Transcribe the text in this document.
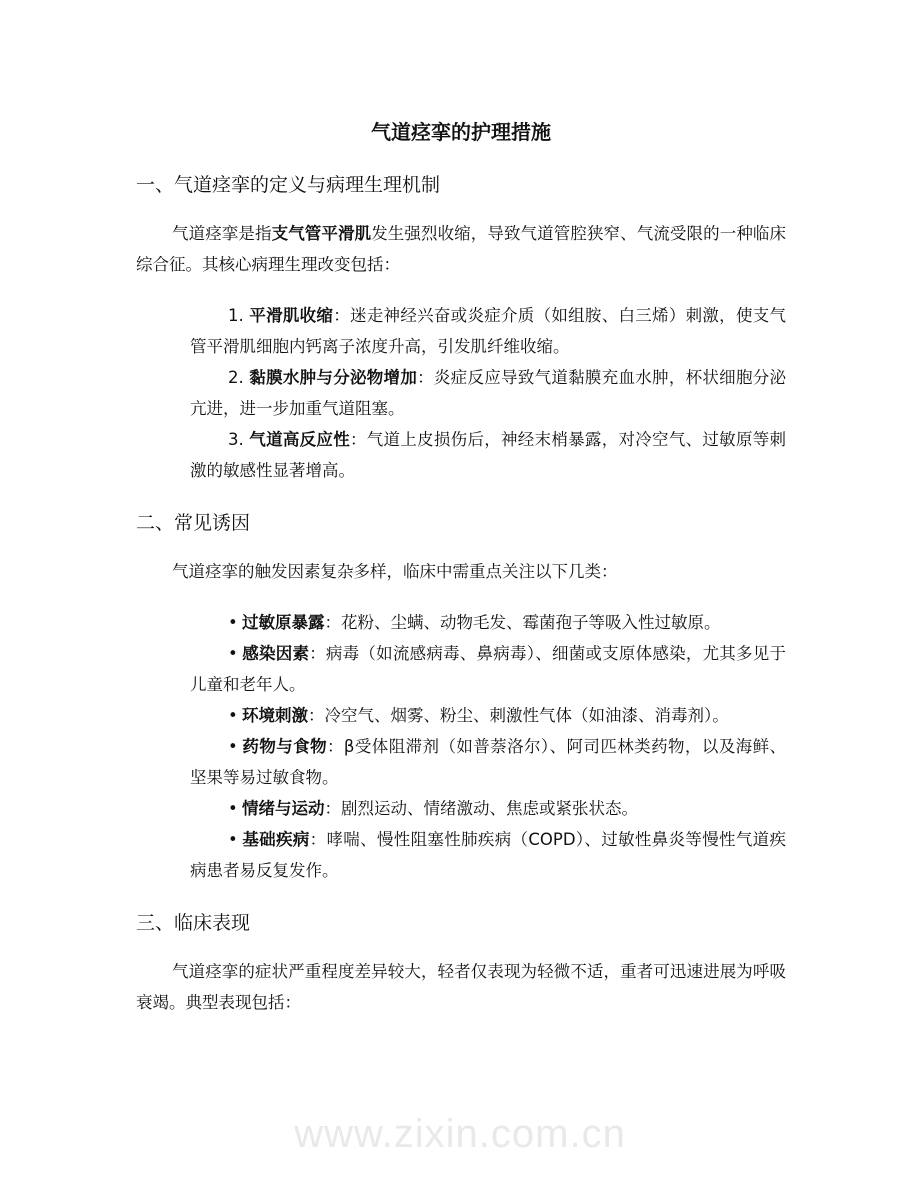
www.zixin.com.cn
气道痉挛的护理措施
一、气道痉挛的定义与病理生理机制

气道痉挛是指支气管平滑肌发生强烈收缩，导致气道管腔狭窄、气流受限的一种临床综合征。其核心病理生理改变包括：

1. 平滑肌收缩：迷走神经兴奋或炎症介质（如组胺、白三烯）刺激，使支气管平滑肌细胞内钙离子浓度升高，引发肌纤维收缩。
2. 黏膜水肿与分泌物增加：炎症反应导致气道黏膜充血水肿，杯状细胞分泌亢进，进一步加重气道阻塞。
3. 气道高反应性：气道上皮损伤后，神经末梢暴露，对冷空气、过敏原等刺激的敏感性显著增高。
二、常见诱因

气道痉挛的触发因素复杂多样，临床中需重点关注以下几类：

• 过敏原暴露：花粉、尘螨、动物毛发、霉菌孢子等吸入性过敏原。
• 感染因素：病毒（如流感病毒、鼻病毒）、细菌或支原体感染，尤其多见于儿童和老年人。
• 环境刺激：冷空气、烟雾、粉尘、刺激性气体（如油漆、消毒剂）。
• 药物与食物：β受体阻滞剂（如普萘洛尔）、阿司匹林类药物，以及海鲜、坚果等易过敏食物。
• 情绪与运动：剧烈运动、情绪激动、焦虑或紧张状态。
• 基础疾病：哮喘、慢性阻塞性肺疾病（COPD）、过敏性鼻炎等慢性气道疾病患者易反复发作。
三、临床表现

气道痉挛的症状严重程度差异较大，轻者仅表现为轻微不适，重者可迅速进展为呼吸衰竭。典型表现包括：
